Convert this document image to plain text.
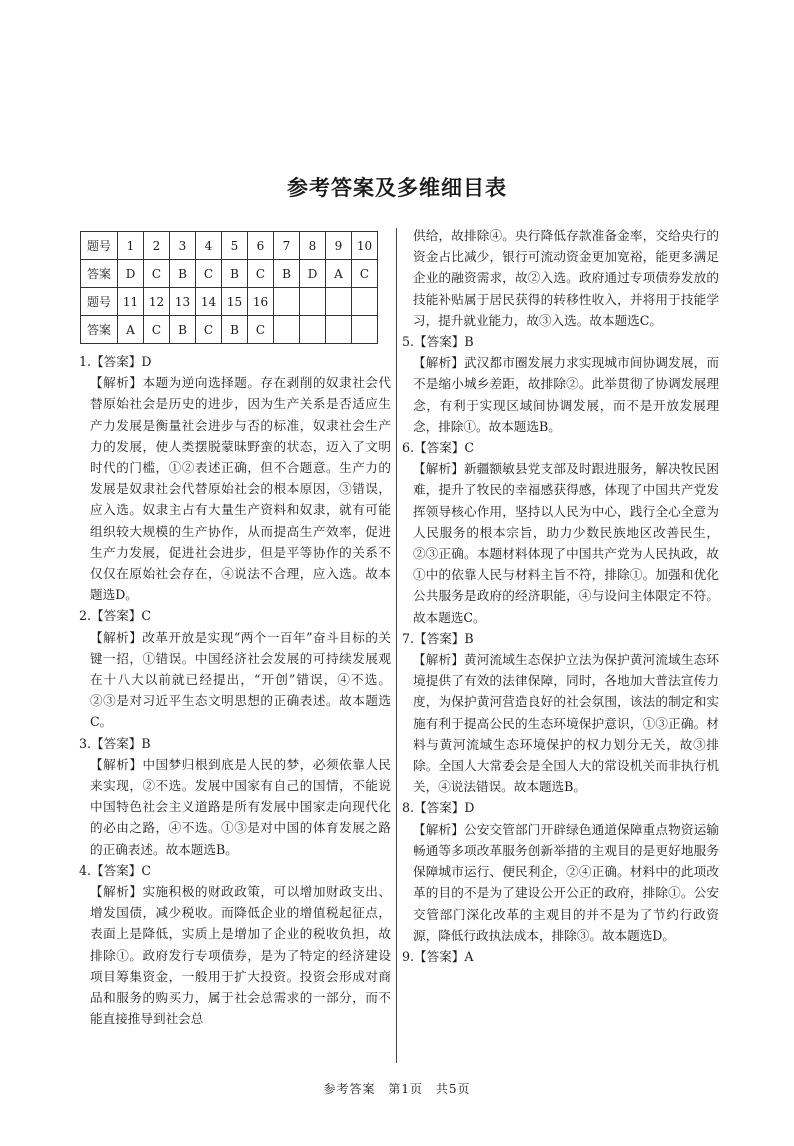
参考答案及多维细目表
题号	1	2	3	4	5	6	7	8	9	10
答案	D	C	B	C	B	C	B	D	A	C
题号	11	12	13	14	15	16				
答案	A	C	B	C	B	C				

1.【答案】D

【解析】本题为逆向选择题。存在剥削的奴隶社会代替原始社会是历史的进步，因为生产关系是否适应生产力发展是衡量社会进步与否的标准，奴隶社会生产力的发展，使人类摆脱蒙昧野蛮的状态，迈入了文明时代的门槛，①②表述正确，但不合题意。生产力的发展是奴隶社会代替原始社会的根本原因，③错误，应入选。奴隶主占有大量生产资料和奴隶，就有可能组织较大规模的生产协作，从而提高生产效率，促进生产力发展，促进社会进步，但是平等协作的关系不仅仅在原始社会存在，④说法不合理，应入选。故本题选D。

2.【答案】C

【解析】改革开放是实现“两个一百年”奋斗目标的关键一招，①错误。中国经济社会发展的可持续发展观在十八大以前就已经提出，“开创”错误，④不选。②③是对习近平生态文明思想的正确表述。故本题选C。

3.【答案】B

【解析】中国梦归根到底是人民的梦，必须依靠人民来实现，②不选。发展中国家有自己的国情，不能说中国特色社会主义道路是所有发展中国家走向现代化的必由之路，④不选。①③是对中国的体育发展之路的正确表述。故本题选B。

4.【答案】C

【解析】实施积极的财政政策，可以增加财政支出、增发国债，减少税收。而降低企业的增值税起征点，表面上是降低，实质上是增加了企业的税收负担，故排除①。政府发行专项债券，是为了特定的经济建设项目筹集资金，一般用于扩大投资。投资会形成对商品和服务的购买力，属于社会总需求的一部分，而不能直接推导到社会总

供给，故排除④。央行降低存款准备金率，交给央行的资金占比减少，银行可流动资金更加宽裕，能更多满足企业的融资需求，故②入选。政府通过专项债券发放的技能补贴属于居民获得的转移性收入，并将用于技能学习，提升就业能力，故③入选。故本题选C。

5.【答案】B

【解析】武汉都市圈发展力求实现城市间协调发展，而不是缩小城乡差距，故排除②。此举贯彻了协调发展理念，有利于实现区域间协调发展，而不是开放发展理念，排除①。故本题选B。

6.【答案】C

【解析】新疆额敏县党支部及时跟进服务，解决牧民困难，提升了牧民的幸福感获得感，体现了中国共产党发挥领导核心作用，坚持以人民为中心，践行全心全意为人民服务的根本宗旨，助力少数民族地区改善民生，②③正确。本题材料体现了中国共产党为人民执政，故①中的依靠人民与材料主旨不符，排除①。加强和优化公共服务是政府的经济职能，④与设问主体限定不符。故本题选C。

7.【答案】B

【解析】黄河流域生态保护立法为保护黄河流域生态环境提供了有效的法律保障，同时，各地加大普法宣传力度，为保护黄河营造良好的社会氛围，该法的制定和实施有利于提高公民的生态环境保护意识，①③正确。材料与黄河流域生态环境保护的权力划分无关，故③排除。全国人大常委会是全国人大的常设机关而非执行机关，④说法错误。故本题选B。

8.【答案】D

【解析】公安交管部门开辟绿色通道保障重点物资运输畅通等多项改革服务创新举措的主观目的是更好地服务保障城市运行、便民利企，②④正确。材料中的此项改革的目的不是为了建设公开公正的政府，排除①。公安交管部门深化改革的主观目的并不是为了节约行政资源，降低行政执法成本，排除③。故本题选D。

9.【答案】A

参考答案 第1页 共5页
